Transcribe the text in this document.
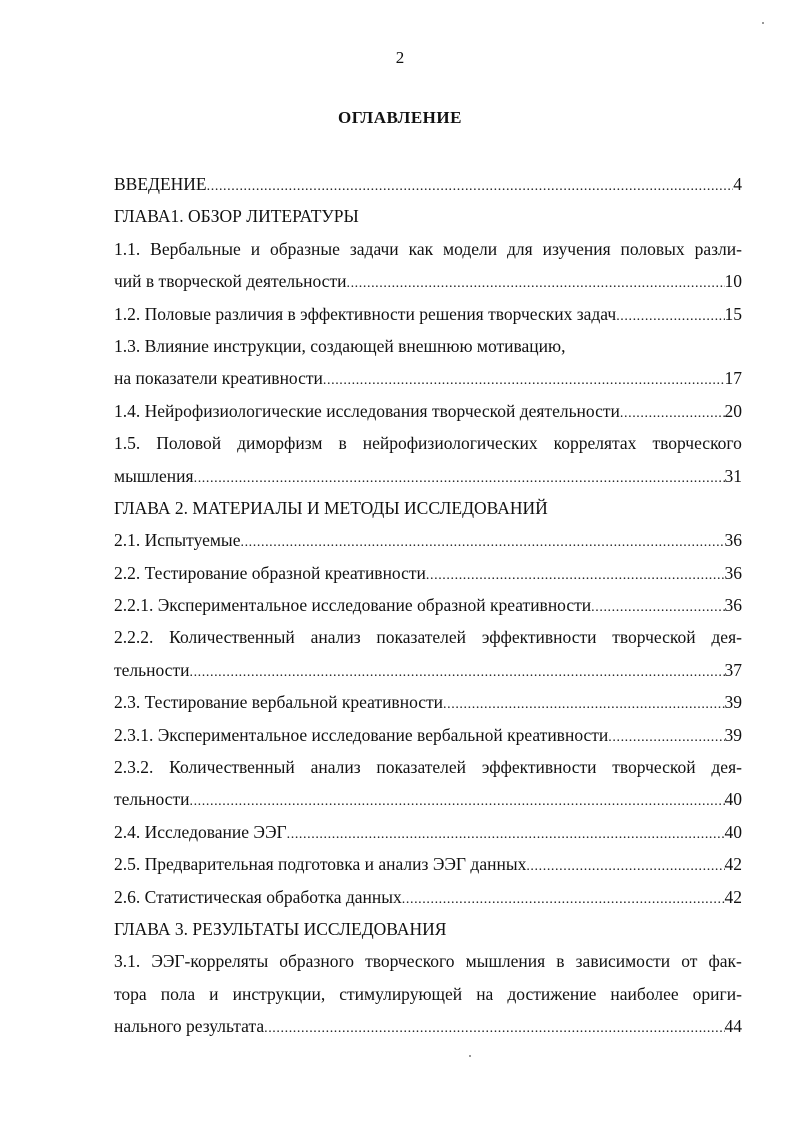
2
ОГЛАВЛЕНИЕ
ВВЕДЕНИЕ .....	4
ГЛАВА1. ОБЗОР ЛИТЕРАТУРЫ
1.1. Вербальные и образные задачи как модели для изучения половых разли-
чий в творческой деятельности .....	10
1.2. Половые различия в эффективности решения творческих задач .....	15
1.3. Влияние инструкции, создающей внешнюю мотивацию,
на показатели креативности .....	17
1.4. Нейрофизиологические исследования творческой деятельности .....	20
1.5. Половой диморфизм в нейрофизиологических коррелятах творческого
мышления .....	31
ГЛАВА 2. МАТЕРИАЛЫ И МЕТОДЫ ИССЛЕДОВАНИЙ
2.1. Испытуемые .....	36
2.2. Тестирование образной креативности .....	36
2.2.1. Экспериментальное исследование образной креативности .....	36
2.2.2. Количественный анализ показателей эффективности творческой дея-
тельности .....	37
2.3. Тестирование вербальной креативности .....	39
2.3.1. Экспериментальное исследование вербальной креативности .....	39
2.3.2. Количественный анализ показателей эффективности творческой дея-
тельности .....	40
2.4. Исследование ЭЭГ .....	40
2.5. Предварительная подготовка и анализ ЭЭГ данных .....	42
2.6. Статистическая обработка данных .....	42
ГЛАВА 3. РЕЗУЛЬТАТЫ ИССЛЕДОВАНИЯ
3.1. ЭЭГ-корреляты образного творческого мышления в зависимости от фак-
тора пола и инструкции, стимулирующей на достижение наиболее ориги-
нального результата .....	44
